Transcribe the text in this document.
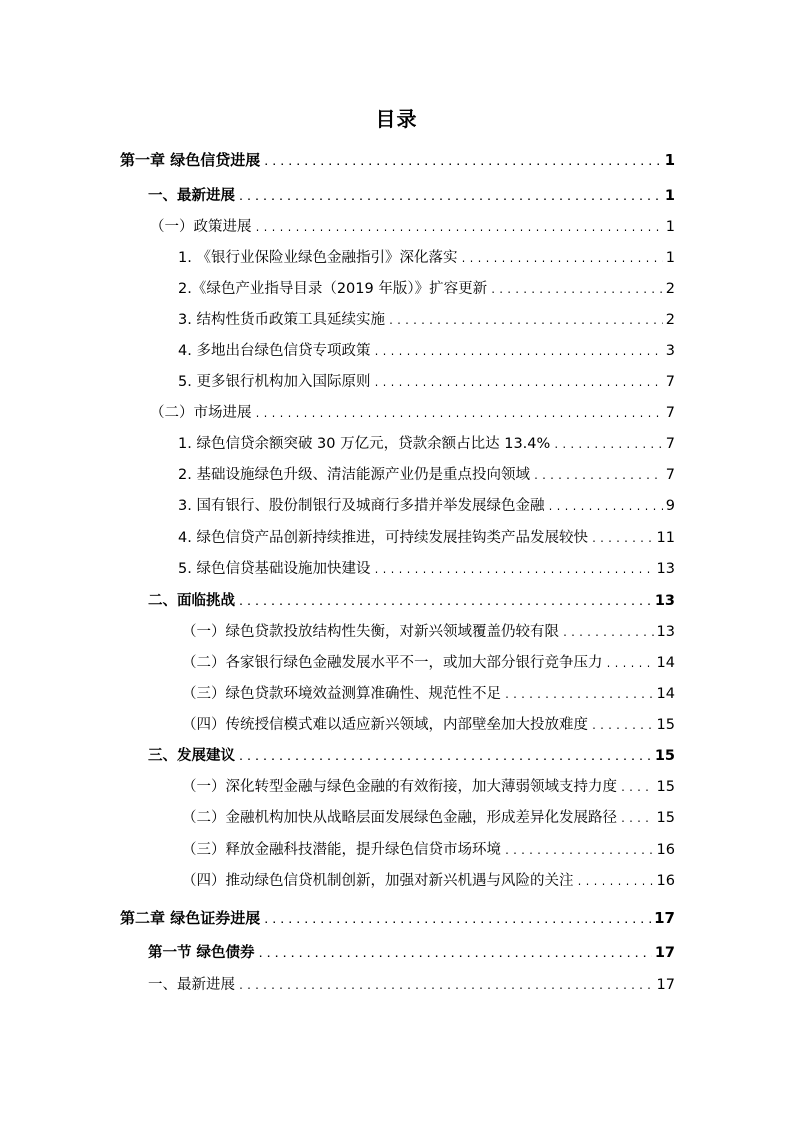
目录
第一章 绿色信贷进展 .....	1
一、最新进展 .....	1
（一）政策进展 .....	1
1. 《银行业保险业绿色金融指引》深化落实 .....	1
2.《绿色产业指导目录（2019 年版）》扩容更新 .....	2
3. 结构性货币政策工具延续实施 .....	2
4. 多地出台绿色信贷专项政策 .....	3
5. 更多银行机构加入国际原则 .....	7
（二）市场进展 .....	7
1. 绿色信贷余额突破 30 万亿元，贷款余额占比达 13.4% .....	7
2. 基础设施绿色升级、清洁能源产业仍是重点投向领域 .....	7
3. 国有银行、股份制银行及城商行多措并举发展绿色金融 .....	9
4. 绿色信贷产品创新持续推进，可持续发展挂钩类产品发展较快 .....	11
5. 绿色信贷基础设施加快建设 .....	13
二、面临挑战 .....	13
（一）绿色贷款投放结构性失衡，对新兴领域覆盖仍较有限 .....	13
（二）各家银行绿色金融发展水平不一，或加大部分银行竞争压力 .....	14
（三）绿色贷款环境效益测算准确性、规范性不足 .....	14
（四）传统授信模式难以适应新兴领域，内部壁垒加大投放难度 .....	15
三、发展建议 .....	15
（一）深化转型金融与绿色金融的有效衔接，加大薄弱领域支持力度 .....	15
（二）金融机构加快从战略层面发展绿色金融，形成差异化发展路径 .....	15
（三）释放金融科技潜能，提升绿色信贷市场环境 .....	16
（四）推动绿色信贷机制创新，加强对新兴机遇与风险的关注 .....	16
第二章 绿色证券进展 .....	17
第一节 绿色债券 .....	17
一、最新进展 .....	17
